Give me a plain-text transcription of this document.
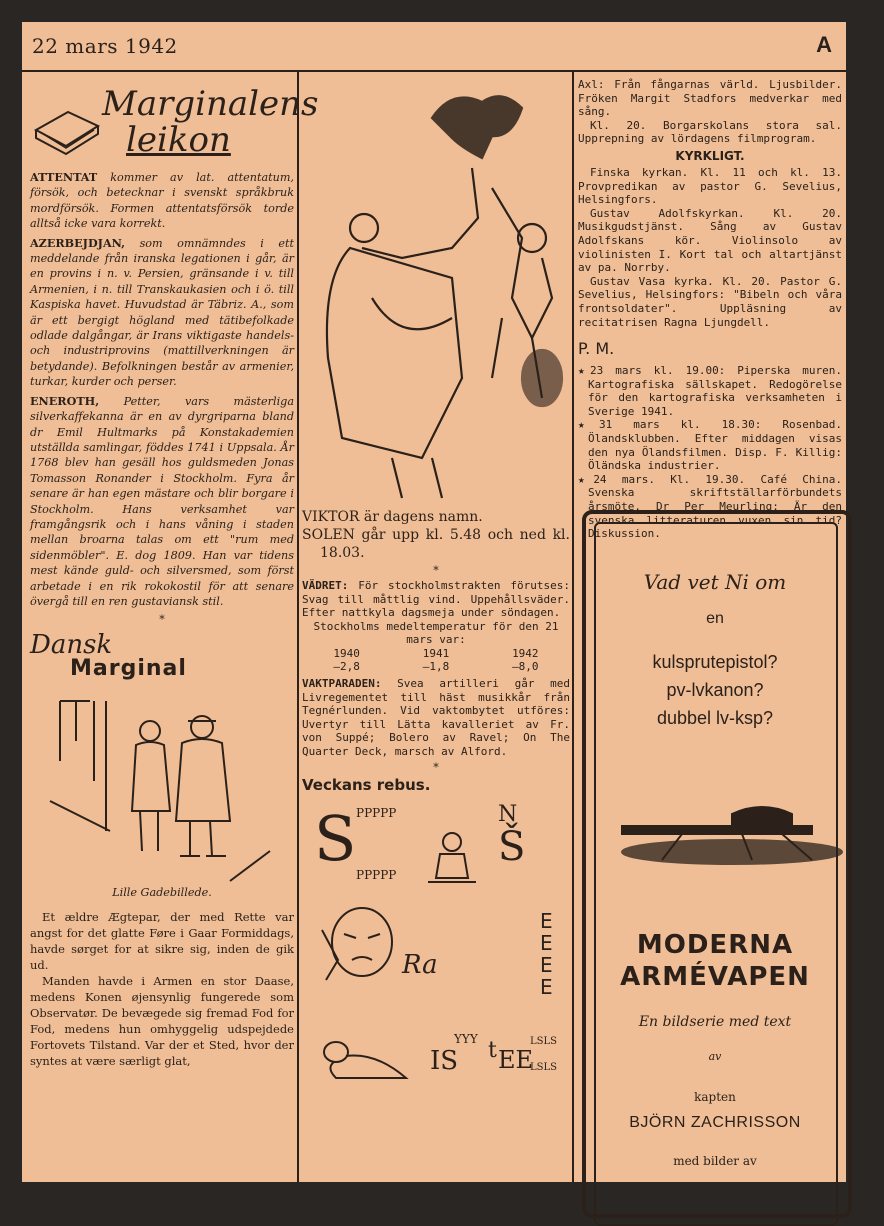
22 mars 1942	A
Marginalens
leikon

ATTENTAT kommer av lat. attentatum, försök, och betecknar i svenskt språkbruk mordförsök. Formen attentatsförsök torde alltså icke vara korrekt.

AZERBEJDJAN, som omnämndes i ett meddelande från iranska legationen i går, är en provins i n. v. Persien, gränsande i v. till Armenien, i n. till Transkaukasien och i ö. till Kaspiska havet. Huvudstad är Täbriz. A., som är ett bergigt högland med tätibefolkade odlade dalgångar, är Irans viktigaste handels- och industriprovins (mattillverkningen är betydande). Befolkningen består av armenier, turkar, kurder och perser.

ENEROTH, Petter, vars mästerliga silverkaffekanna är en av dyrgriparna bland dr Emil Hultmarks på Konstakademien utställda samlingar, föddes 1741 i Uppsala. År 1768 blev han gesäll hos guldsmeden Jonas Tomasson Ronander i Stockholm. Fyra år senare är han egen mästare och blir borgare i Stockholm. Hans verksamhet var framgångsrik och i hans våning i staden mellan broarna talas om ett "rum med sidenmöbler". E. dog 1809. Han var tidens mest kände guld- och silversmed, som först arbetade i en rik rokokostil för att senare övergå till en ren gustaviansk stil.

*
Dansk
Marginal
Lille Gadebillede.

Et ældre Ægtepar, der med Rette var angst for det glatte Føre i Gaar Formiddags, havde sørget for at sikre sig, inden de gik ud.

Manden havde i Armen en stor Daase, medens Konen øjensynlig fungerede som Observatør. De bevægede sig fremad Fod for Fod, medens hun omhyggelig udspejdede Fortovets Tilstand. Var der et Sted, hvor der syntes at være særligt glat,

VIKTOR är dagens namn.

SOLEN går upp kl. 5.48 och ned kl. 18.03.

*

VÄDRET: För stockholmstrakten förutses: Svag till måttlig vind. Uppehållsväder. Efter nattkyla dagsmeja under söndagen.

Stockholms medeltemperatur för den 21 mars var:

1940	1941	1942
—2,8	—1,8	—8,0

VAKTPARADEN: Svea artilleri går med Livregementet till häst musikkår från Tegnérlunden. Vid vaktombytet utföres: Uvertyr till Lätta kavalleriet av Fr. von Suppé; Bolero av Ravel; On The Quarter Deck, marsch av Alford.

*
Veckans rebus.
S PPPPP
PPPPP
N
Š
Ra
E
E
E
E
IS
YYY t EE
LSLS
LSLS

Axl: Från fångarnas värld. Ljusbilder. Fröken Margit Stadfors medverkar med sång.

Kl. 20. Borgarskolans stora sal. Upprepning av lördagens filmprogram.

KYRKLIGT.

Finska kyrkan. Kl. 11 och kl. 13. Provpredikan av pastor G. Sevelius, Helsingfors.

Gustav Adolfskyrkan. Kl. 20. Musikgudstjänst. Sång av Gustav Adolfskans kör. Violinsolo av violinisten I. Kort tal och altartjänst av pa. Norrby.

Gustav Vasa kyrka. Kl. 20. Pastor G. Sevelius, Helsingfors: "Bibeln och våra frontsoldater". Uppläsning av recitatrisen Ragna Ljungdell.

P. M.

★23 mars kl. 19.00: Piperska muren. Kartografiska sällskapet. Redogörelse för den kartografiska verksamheten i Sverige 1941.

★31 mars kl. 18.30: Rosenbad. Ölandsklubben. Efter middagen visas den nya Ölandsfilmen. Disp. F. Killig: Öländska industrier.

★24 mars. Kl. 19.30. Café China. Svenska skriftställarförbundets årsmöte. Dr Per Meurling: Är den svenska litteraturen vuxen sin tid? Diskussion.

Vad vet Ni om
en
kulsprutepistol?
pv-lvkanon?
dubbel lv-ksp?
MODERNA
ARMÉVAPEN
En bildserie med text
av
kapten
BJÖRN ZACHRISSON
med bilder av
